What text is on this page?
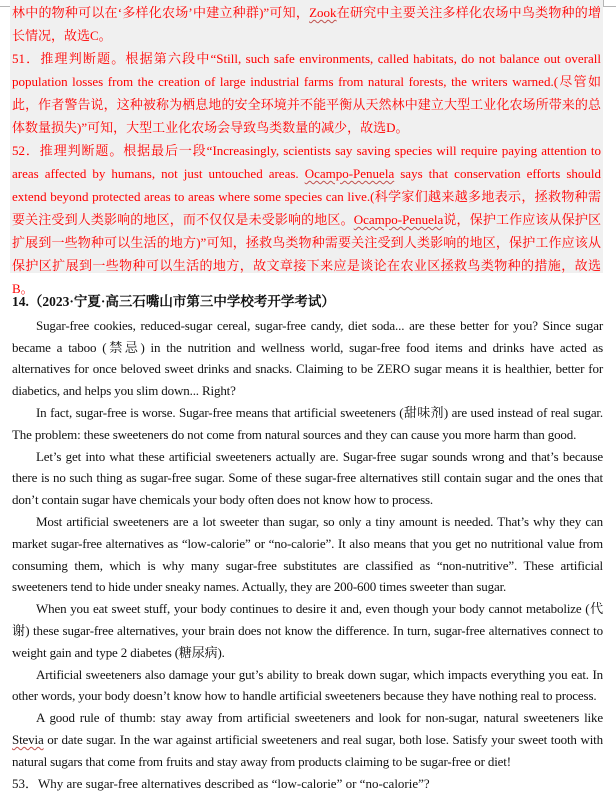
林中的物种可以在‘多样化农场’中建立种群)”可知，Zook在研究中主要关注多样化农场中鸟类物种的增长情况，故选C。

51．推理判断题。根据第六段中“Still, such safe environments, called habitats, do not balance out overall population losses from the creation of large industrial farms from natural forests, the writers warned.(尽管如此，作者警告说，这种被称为栖息地的安全环境并不能平衡从天然林中建立大型工业化农场所带来的总体数量损失)”可知，大型工业化农场会导致鸟类数量的减少，故选D。

52．推理判断题。根据最后一段“Increasingly, scientists say saving species will require paying attention to areas affected by humans, not just untouched areas. Ocampo-Penuela says that conservation efforts should extend beyond protected areas to areas where some species can live.(科学家们越来越多地表示，拯救物种需要关注受到人类影响的地区，而不仅仅是未受影响的地区。Ocampo-Penuela说，保护工作应该从保护区扩展到一些物种可以生活的地方)”可知，拯救鸟类物种需要关注受到人类影响的地区，保护工作应该从保护区扩展到一些物种可以生活的地方，故文章接下来应是谈论在农业区拯救鸟类物种的措施，故选B。

14.（2023·宁夏·高三石嘴山市第三中学校考开学考试）

Sugar-free cookies, reduced-sugar cereal, sugar-free candy, diet soda... are these better for you? Since sugar became a taboo (禁忌) in the nutrition and wellness world, sugar-free food items and drinks have acted as alternatives for once beloved sweet drinks and snacks. Claiming to be ZERO sugar means it is healthier, better for diabetics, and helps you slim down... Right?

In fact, sugar-free is worse. Sugar-free means that artificial sweeteners (甜味剂) are used instead of real sugar. The problem: these sweeteners do not come from natural sources and they can cause you more harm than good.

Let’s get into what these artificial sweeteners actually are. Sugar-free sugar sounds wrong and that’s because there is no such thing as sugar-free sugar. Some of these sugar-free alternatives still contain sugar and the ones that don’t contain sugar have chemicals your body often does not know how to process.

Most artificial sweeteners are a lot sweeter than sugar, so only a tiny amount is needed. That’s why they can market sugar-free alternatives as “low-calorie” or “no-calorie”. It also means that you get no nutritional value from consuming them, which is why many sugar-free substitutes are classified as “non-nutritive”. These artificial sweeteners tend to hide under sneaky names. Actually, they are 200-600 times sweeter than sugar.

When you eat sweet stuff, your body continues to desire it and, even though your body cannot metabolize (代谢) these sugar-free alternatives, your brain does not know the difference. In turn, sugar-free alternatives connect to weight gain and type 2 diabetes (糖尿病).

Artificial sweeteners also damage your gut’s ability to break down sugar, which impacts everything you eat. In other words, your body doesn’t know how to handle artificial sweeteners because they have nothing real to process.

A good rule of thumb: stay away from artificial sweeteners and look for non-sugar, natural sweeteners like Stevia or date sugar. In the war against artificial sweeteners and real sugar, both lose. Satisfy your sweet tooth with natural sugars that come from fruits and stay away from products claiming to be sugar-free or diet!

53．Why are sugar-free alternatives described as “low-calorie” or “no-calorie”?
